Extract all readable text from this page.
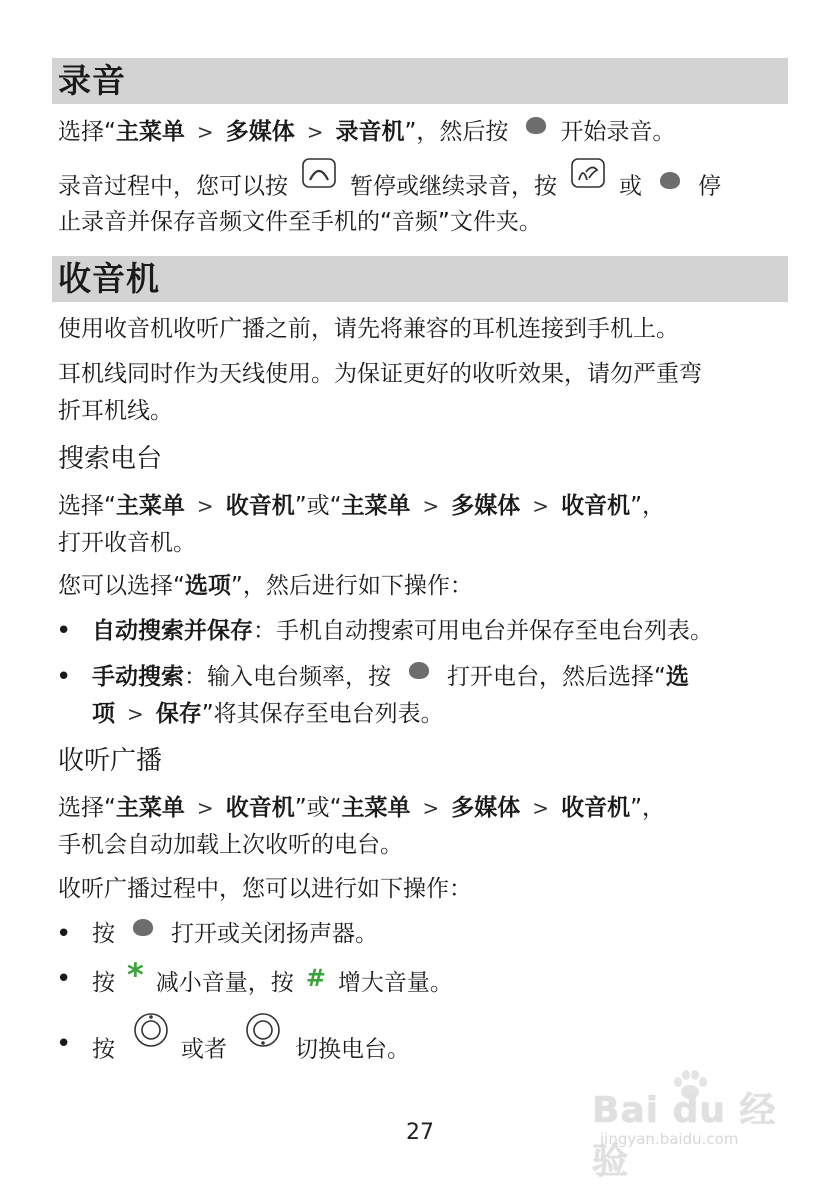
录音
选择“主菜单 > 多媒体 > 录音机”，然后按 开始录音。
录音过程中，您可以按	暂停或继续录音，按	或 停
止录音并保存音频文件至手机的“音频”文件夹。
收音机
使用收音机收听广播之前，请先将兼容的耳机连接到手机上。
耳机线同时作为天线使用。为保证更好的收听效果，请勿严重弯
折耳机线。
搜索电台
选择“主菜单 > 收音机”或“主菜单 > 多媒体 > 收音机”，
打开收音机。
您可以选择“选项”，然后进行如下操作：
• 自动搜索并保存：手机自动搜索可用电台并保存至电台列表。
• 手动搜索：输入电台频率，按 打开电台，然后选择“选
项 > 保存”将其保存至电台列表。
收听广播
选择“主菜单 > 收音机”或“主菜单 > 多媒体 > 收音机”，
手机会自动加载上次收听的电台。
收听广播过程中，您可以进行如下操作：
• 按 打开或关闭扬声器。
• 按 * 减小音量，按 # 增大音量。
• 按	或者	切换电台。
27
Bai du 经验
jingyan.baidu.com
